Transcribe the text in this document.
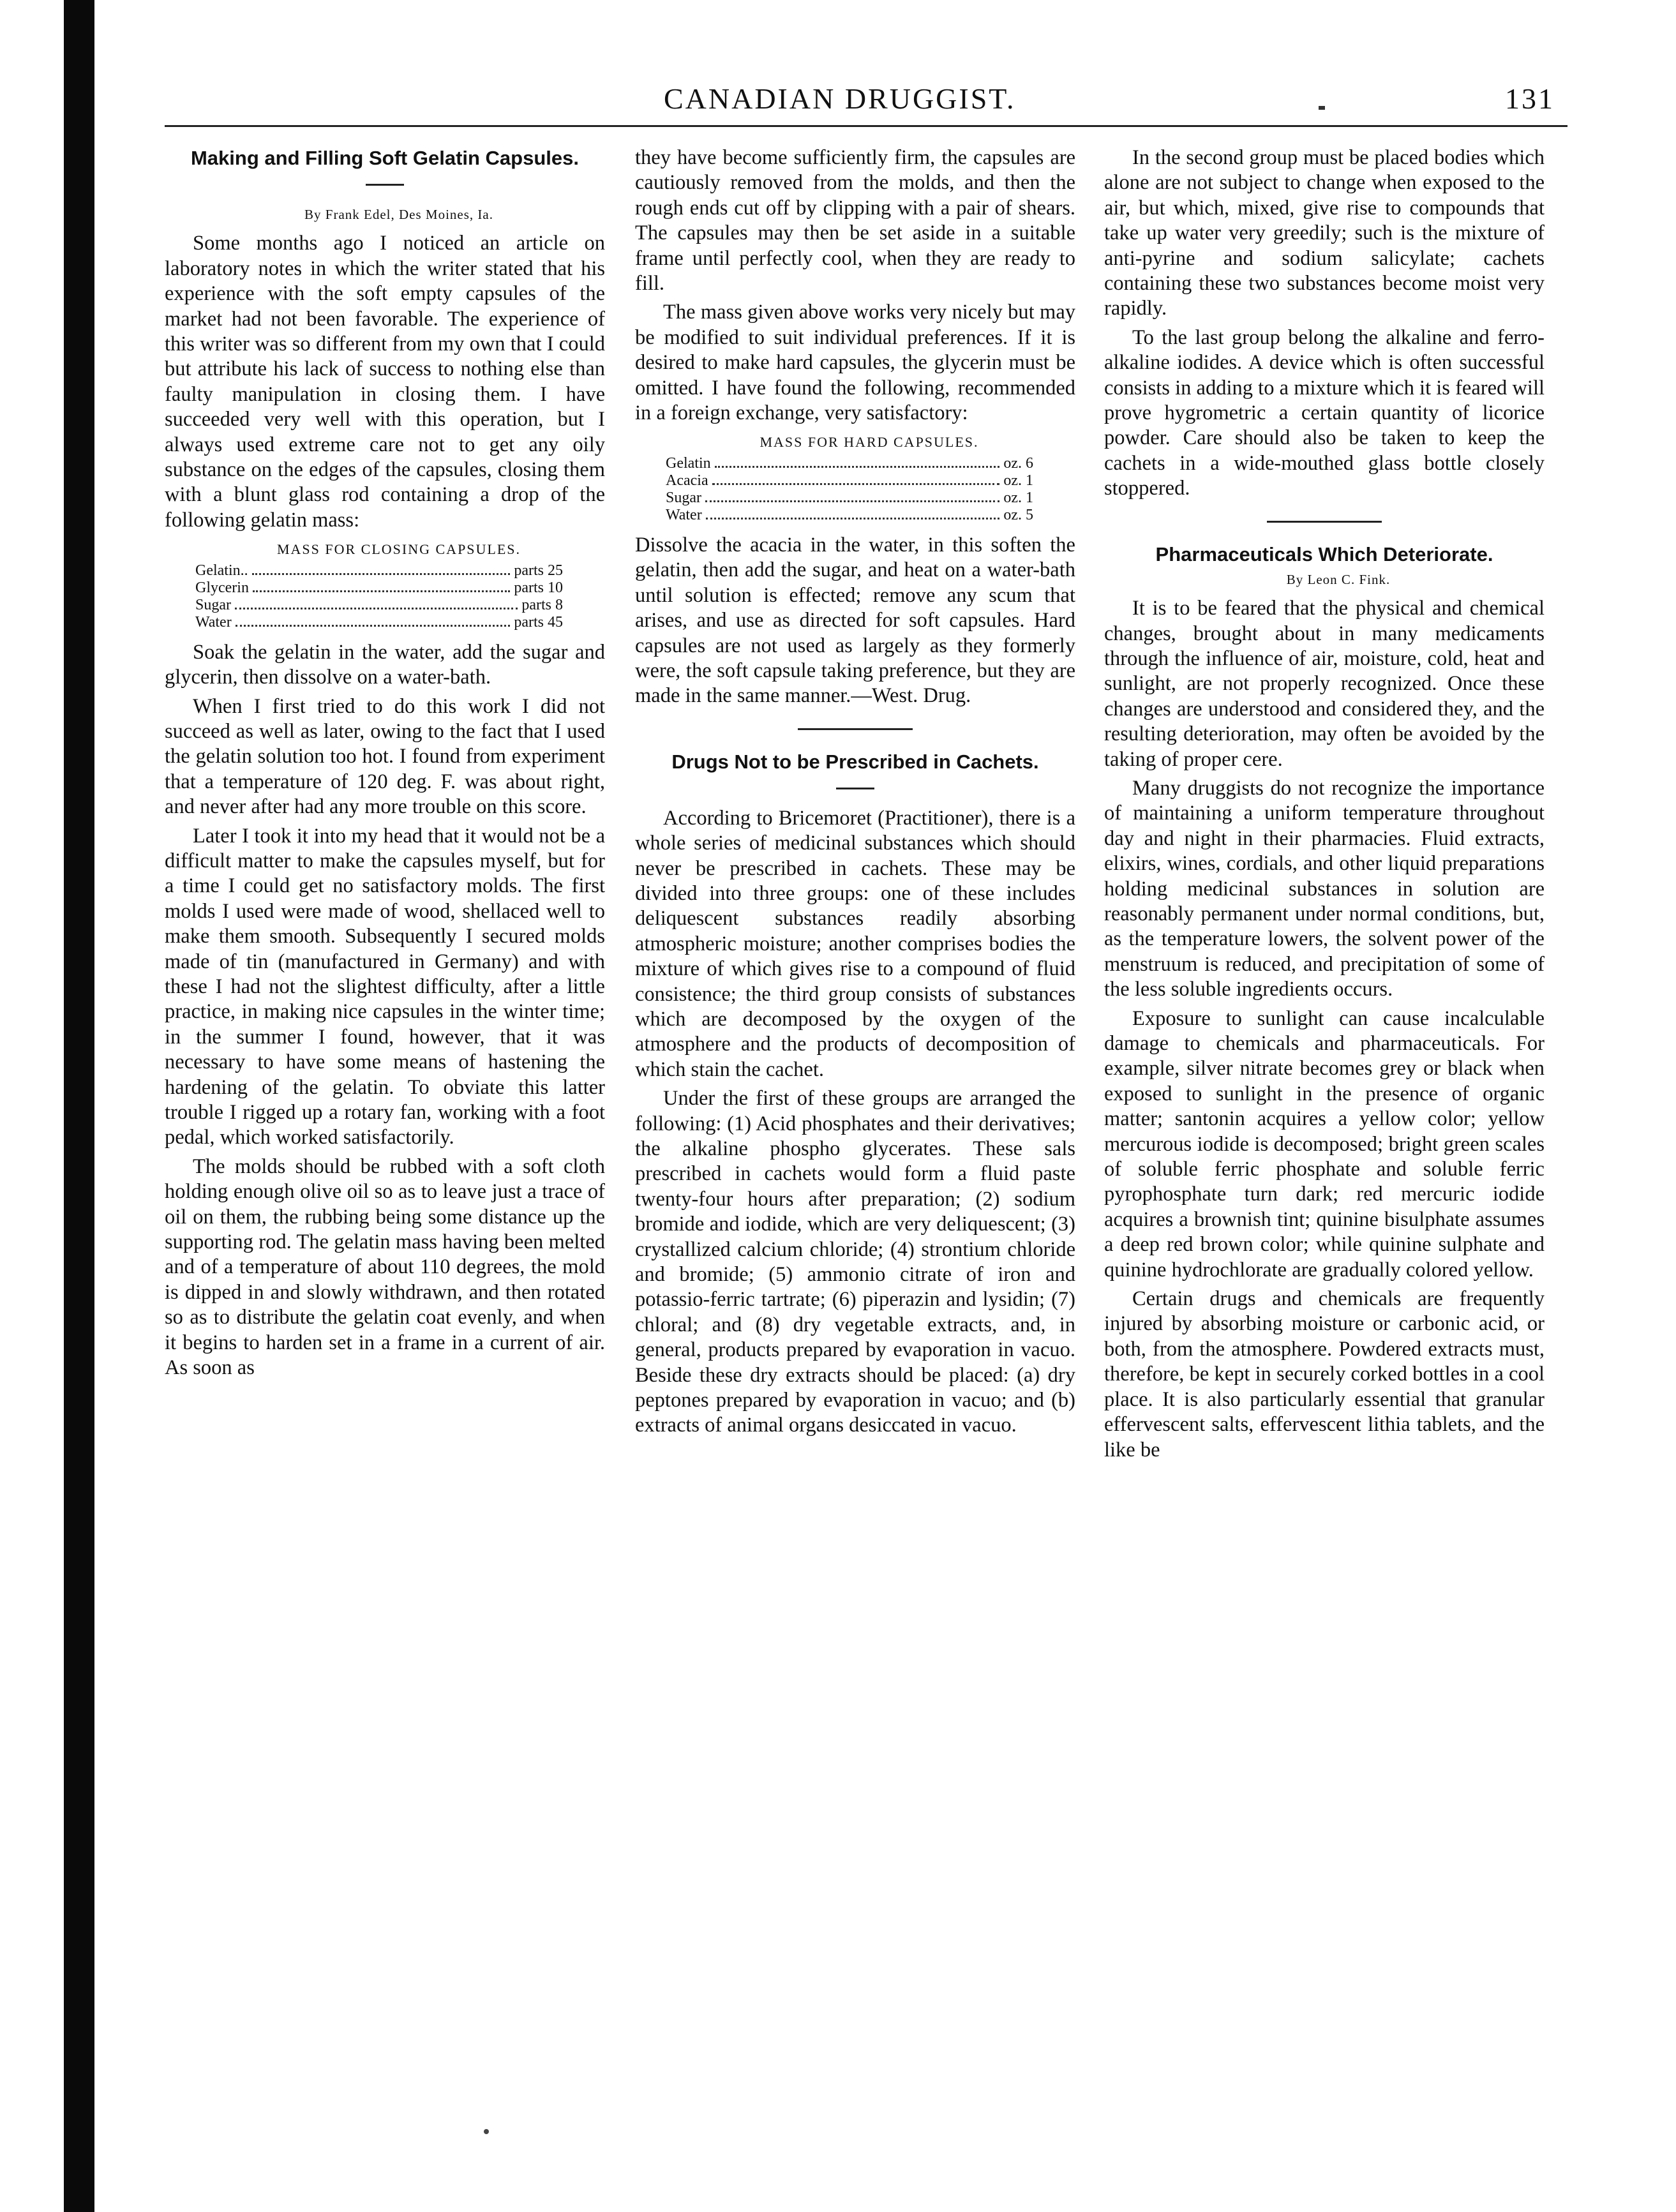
CANADIAN DRUGGIST.	131
Making and Filling Soft Gelatin Capsules.

By Frank Edel, Des Moines, Ia.

Some months ago I noticed an article on laboratory notes in which the writer stated that his experience with the soft empty capsules of the market had not been favorable. The experience of this writer was so different from my own that I could but attribute his lack of success to nothing else than faulty manipulation in closing them. I have succeeded very well with this operation, but I always used extreme care not to get any oily substance on the edges of the capsules, closing them with a blunt glass rod containing a drop of the following gelatin mass:

MASS FOR CLOSING CAPSULES.

Gelatin..	parts 25
Glycerin	parts 10
Sugar	parts 8
Water	parts 45

Soak the gelatin in the water, add the sugar and glycerin, then dissolve on a water-bath.

When I first tried to do this work I did not succeed as well as later, owing to the fact that I used the gelatin solution too hot. I found from experiment that a temperature of 120 deg. F. was about right, and never after had any more trouble on this score.

Later I took it into my head that it would not be a difficult matter to make the capsules myself, but for a time I could get no satisfactory molds. The first molds I used were made of wood, shellaced well to make them smooth. Subsequently I secured molds made of tin (manufactured in Germany) and with these I had not the slightest difficulty, after a little practice, in making nice capsules in the winter time; in the summer I found, however, that it was necessary to have some means of hastening the hardening of the gelatin. To obviate this latter trouble I rigged up a rotary fan, working with a foot pedal, which worked satisfactorily.

The molds should be rubbed with a soft cloth holding enough olive oil so as to leave just a trace of oil on them, the rubbing being some distance up the supporting rod. The gelatin mass having been melted and of a temperature of about 110 degrees, the mold is dipped in and slowly withdrawn, and then rotated so as to distribute the gelatin coat evenly, and when it begins to harden set in a frame in a current of air. As soon as

they have become sufficiently firm, the capsules are cautiously removed from the molds, and then the rough ends cut off by clipping with a pair of shears. The capsules may then be set aside in a suitable frame until perfectly cool, when they are ready to fill.

The mass given above works very nicely but may be modified to suit individual preferences. If it is desired to make hard capsules, the glycerin must be omitted. I have found the following, recommended in a foreign exchange, very satisfactory:

MASS FOR HARD CAPSULES.

Gelatin	oz. 6
Acacia	oz. 1
Sugar	oz. 1
Water	oz. 5

Dissolve the acacia in the water, in this soften the gelatin, then add the sugar, and heat on a water-bath until solution is effected; remove any scum that arises, and use as directed for soft capsules. Hard capsules are not used as largely as they formerly were, the soft capsule taking preference, but they are made in the same manner.—West. Drug.

Drugs Not to be Prescribed in Cachets.

According to Bricemoret (Practitioner), there is a whole series of medicinal substances which should never be prescribed in cachets. These may be divided into three groups: one of these includes deliquescent substances readily absorbing atmospheric moisture; another comprises bodies the mixture of which gives rise to a compound of fluid consistence; the third group consists of substances which are decomposed by the oxygen of the atmosphere and the products of decomposition of which stain the cachet.

Under the first of these groups are arranged the following: (1) Acid phosphates and their derivatives; the alkaline phospho glycerates. These sals prescribed in cachets would form a fluid paste twenty-four hours after preparation; (2) sodium bromide and iodide, which are very deliquescent; (3) crystallized calcium chloride; (4) strontium chloride and bromide; (5) ammonio citrate of iron and potassio-ferric tartrate; (6) piperazin and lysidin; (7) chloral; and (8) dry vegetable extracts, and, in general, products prepared by evaporation in vacuo. Beside these dry extracts should be placed: (a) dry peptones prepared by evaporation in vacuo; and (b) extracts of animal organs desiccated in vacuo.

In the second group must be placed bodies which alone are not subject to change when exposed to the air, but which, mixed, give rise to compounds that take up water very greedily; such is the mixture of anti-pyrine and sodium salicylate; cachets containing these two substances become moist very rapidly.

To the last group belong the alkaline and ferro-alkaline iodides. A device which is often successful consists in adding to a mixture which it is feared will prove hygrometric a certain quantity of licorice powder. Care should also be taken to keep the cachets in a wide-mouthed glass bottle closely stoppered.

Pharmaceuticals Which Deteriorate.

By Leon C. Fink.

It is to be feared that the physical and chemical changes, brought about in many medicaments through the influence of air, moisture, cold, heat and sunlight, are not properly recognized. Once these changes are understood and considered they, and the resulting deterioration, may often be avoided by the taking of proper cere.

Many druggists do not recognize the importance of maintaining a uniform temperature throughout day and night in their pharmacies. Fluid extracts, elixirs, wines, cordials, and other liquid preparations holding medicinal substances in solution are reasonably permanent under normal conditions, but, as the temperature lowers, the solvent power of the menstruum is reduced, and precipitation of some of the less soluble ingredients occurs.

Exposure to sunlight can cause incalculable damage to chemicals and pharmaceuticals. For example, silver nitrate becomes grey or black when exposed to sunlight in the presence of organic matter; santonin acquires a yellow color; yellow mercurous iodide is decomposed; bright green scales of soluble ferric phosphate and soluble ferric pyrophosphate turn dark; red mercuric iodide acquires a brownish tint; quinine bisulphate assumes a deep red brown color; while quinine sulphate and quinine hydrochlorate are gradually colored yellow.

Certain drugs and chemicals are frequently injured by absorbing moisture or carbonic acid, or both, from the atmosphere. Powdered extracts must, therefore, be kept in securely corked bottles in a cool place. It is also particularly essential that granular effervescent salts, effervescent lithia tablets, and the like be
